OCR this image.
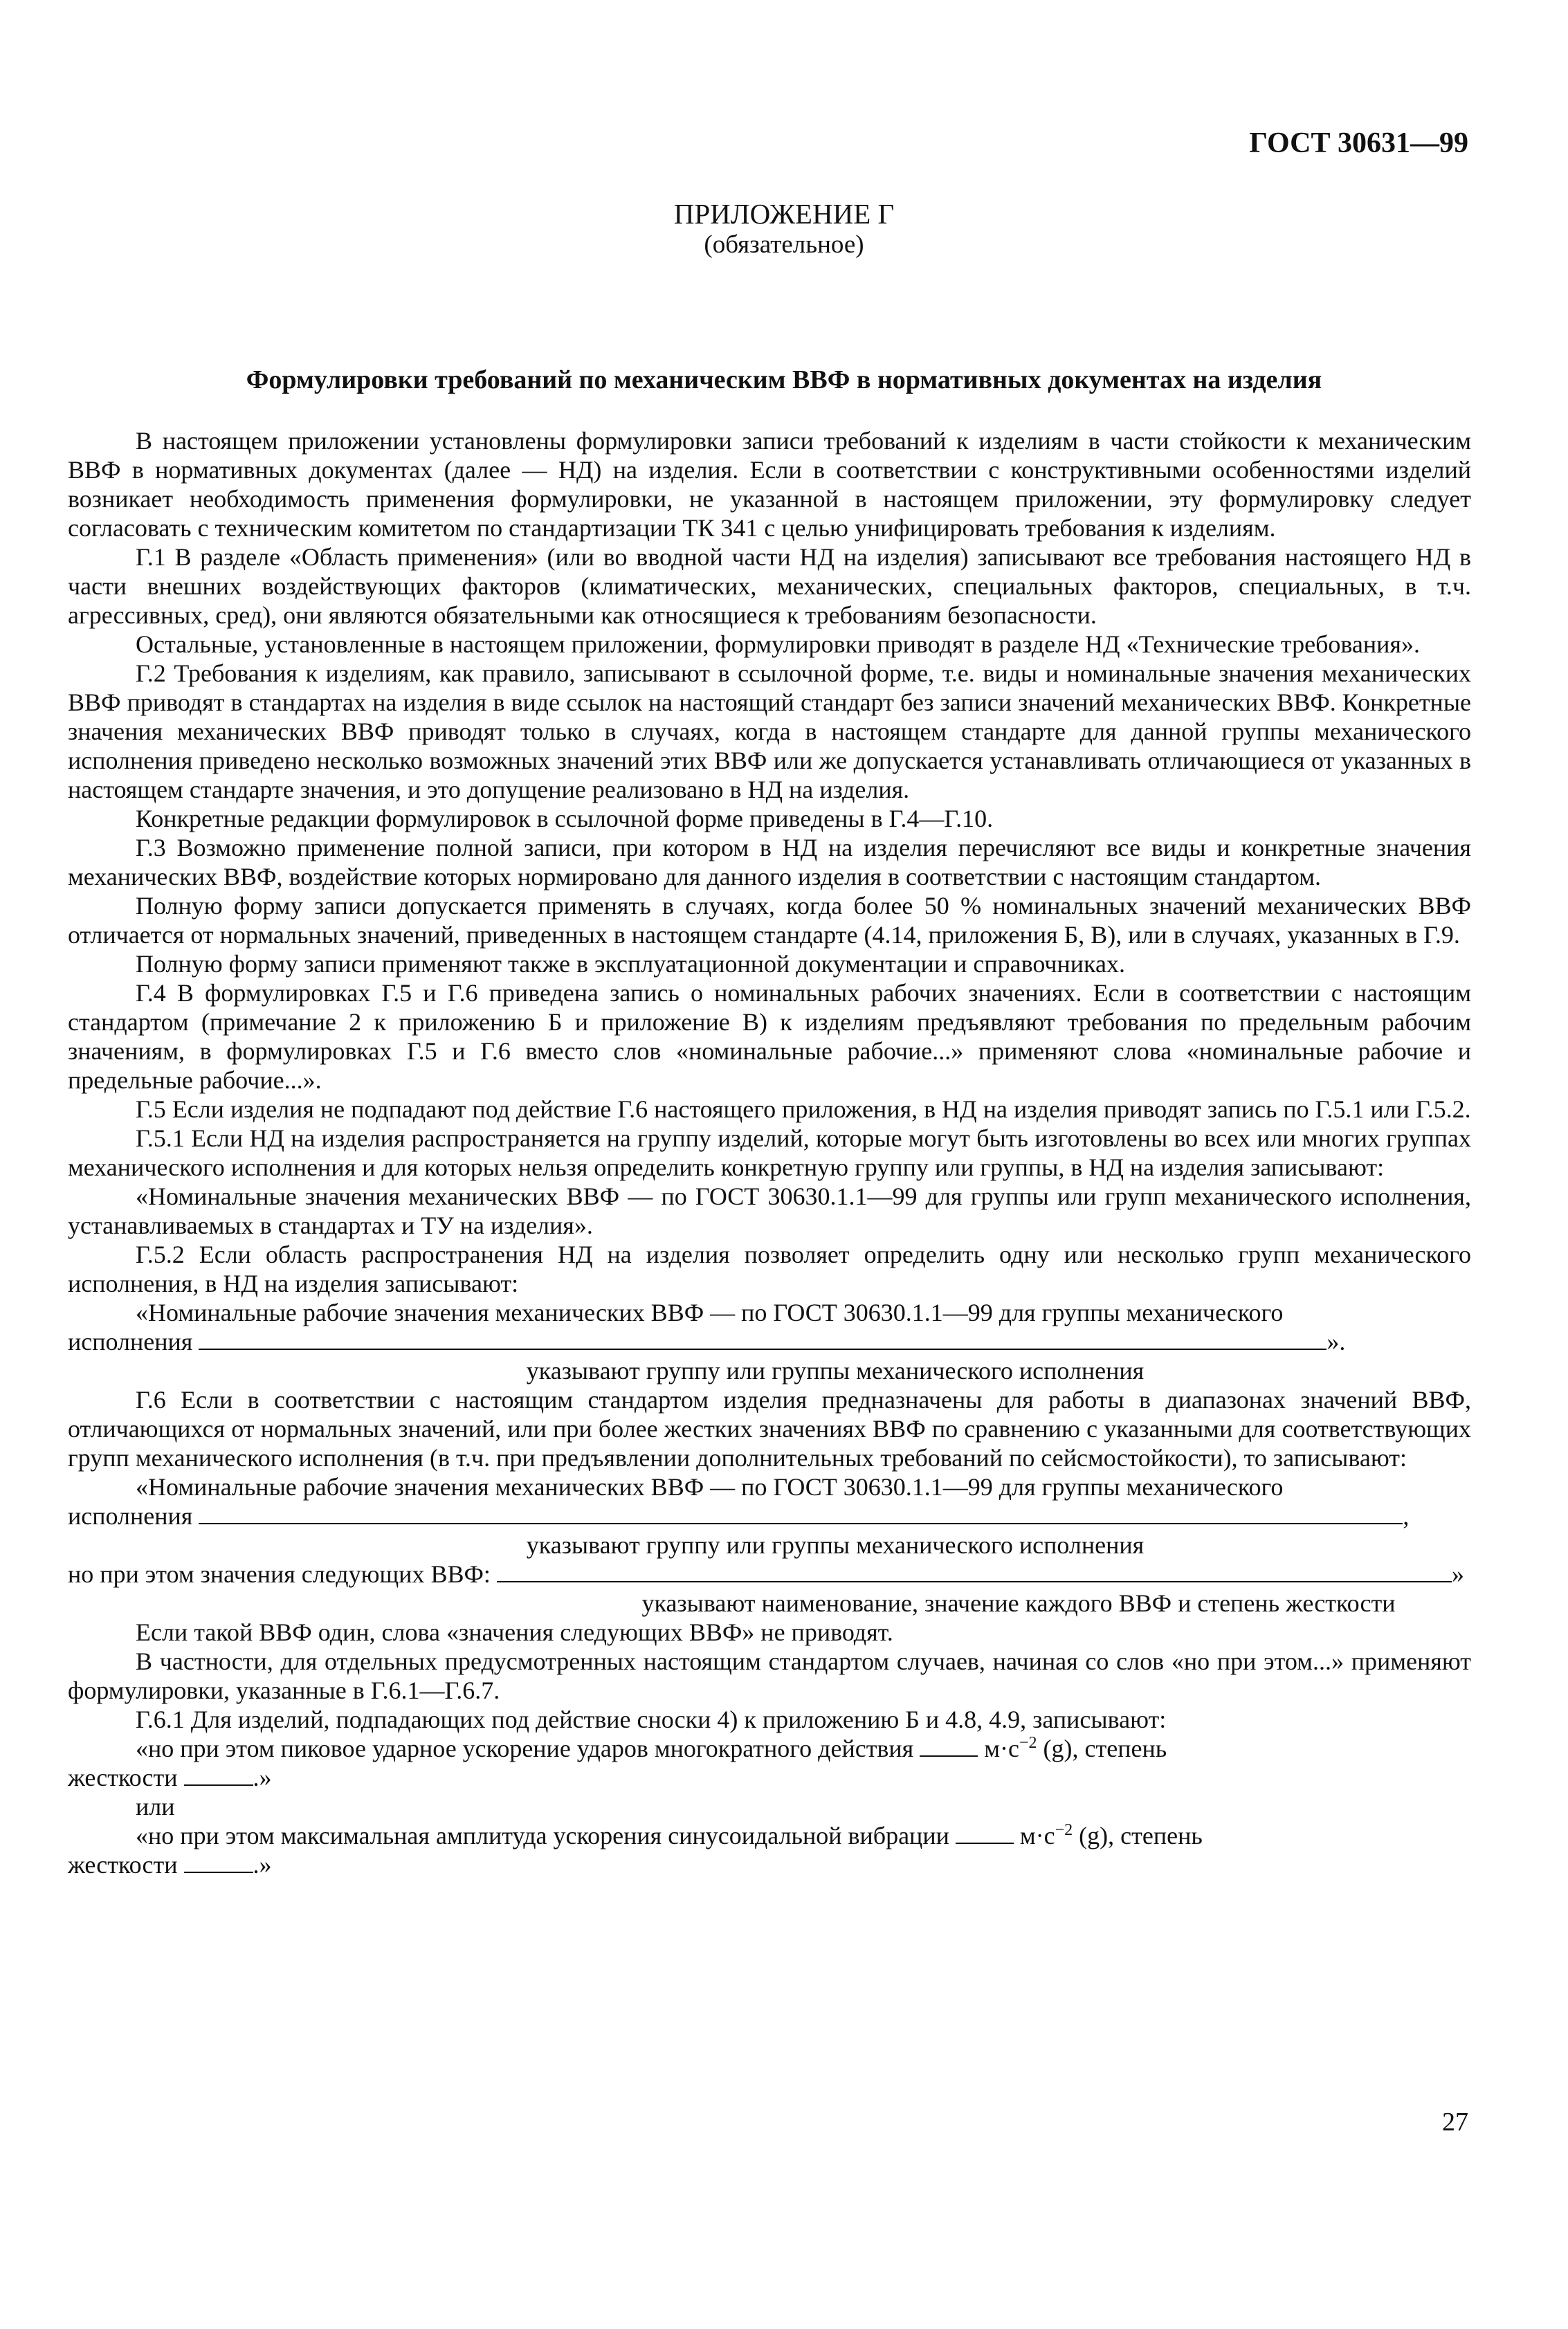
ГОСТ 30631—99
ПРИЛОЖЕНИЕ Г
(обязательное)
Формулировки требований по механическим ВВФ в нормативных документах на изделия

В настоящем приложении установлены формулировки записи требований к изделиям в части стойкости к механическим ВВФ в нормативных документах (далее — НД) на изделия. Если в соответствии с конструктивными особенностями изделий возникает необходимость применения формулировки, не указанной в настоящем приложении, эту формулировку следует согласовать с техническим комитетом по стандартизации ТК 341 с целью унифицировать требования к изделиям.

Г.1 В разделе «Область применения» (или во вводной части НД на изделия) записывают все требования настоящего НД в части внешних воздействующих факторов (климатических, механических, специальных факторов, специальных, в т.ч. агрессивных, сред), они являются обязательными как относящиеся к требованиям безопасности.

Остальные, установленные в настоящем приложении, формулировки приводят в разделе НД «Технические требования».

Г.2 Требования к изделиям, как правило, записывают в ссылочной форме, т.е. виды и номинальные значения механических ВВФ приводят в стандартах на изделия в виде ссылок на настоящий стандарт без записи значений механических ВВФ. Конкретные значения механических ВВФ приводят только в случаях, когда в настоящем стандарте для данной группы механического исполнения приведено несколько возможных значений этих ВВФ или же допускается устанавливать отличающиеся от указанных в настоящем стандарте значения, и это допущение реализовано в НД на изделия.

Конкретные редакции формулировок в ссылочной форме приведены в Г.4—Г.10.

Г.3 Возможно применение полной записи, при котором в НД на изделия перечисляют все виды и конкретные значения механических ВВФ, воздействие которых нормировано для данного изделия в соответствии с настоящим стандартом.

Полную форму записи допускается применять в случаях, когда более 50 % номинальных значений механических ВВФ отличается от нормальных значений, приведенных в настоящем стандарте (4.14, приложения Б, В), или в случаях, указанных в Г.9.

Полную форму записи применяют также в эксплуатационной документации и справочниках.

Г.4 В формулировках Г.5 и Г.6 приведена запись о номинальных рабочих значениях. Если в соответствии с настоящим стандартом (примечание 2 к приложению Б и приложение В) к изделиям предъявляют требования по предельным рабочим значениям, в формулировках Г.5 и Г.6 вместо слов «номинальные рабочие...» применяют слова «номинальные рабочие и предельные рабочие...».

Г.5 Если изделия не подпадают под действие Г.6 настоящего приложения, в НД на изделия приводят запись по Г.5.1 или Г.5.2.

Г.5.1 Если НД на изделия распространяется на группу изделий, которые могут быть изготовлены во всех или многих группах механического исполнения и для которых нельзя определить конкретную группу или группы, в НД на изделия записывают:

«Номинальные значения механических ВВФ — по ГОСТ 30630.1.1—99 для группы или групп механического исполнения, устанавливаемых в стандартах и ТУ на изделия».

Г.5.2 Если область распространения НД на изделия позволяет определить одну или несколько групп механического исполнения, в НД на изделия записывают:

«Номинальные рабочие значения механических ВВФ — по ГОСТ 30630.1.1—99 для группы механического
исполнения	».
указывают группу или группы механического исполнения

Г.6 Если в соответствии с настоящим стандартом изделия предназначены для работы в диапазонах значений ВВФ, отличающихся от нормальных значений, или при более жестких значениях ВВФ по сравнению с указанными для соответствующих групп механического исполнения (в т.ч. при предъявлении дополнительных требований по сейсмостойкости), то записывают:

«Номинальные рабочие значения механических ВВФ — по ГОСТ 30630.1.1—99 для группы механического
исполнения	,
указывают группу или группы механического исполнения
но при этом значения следующих ВВФ:	»
указывают наименование, значение каждого ВВФ и степень жесткости

Если такой ВВФ один, слова «значения следующих ВВФ» не приводят.

В частности, для отдельных предусмотренных настоящим стандартом случаев, начиная со слов «но при этом...» применяют формулировки, указанные в Г.6.1—Г.6.7.

Г.6.1 Для изделий, подпадающих под действие сноски 4) к приложению Б и 4.8, 4.9, записывают:

«но при этом пиковое ударное ускорение ударов многократного действия	$м\cdot с^{-2}$ (g), степень
жесткости	.»
или
«но при этом максимальная амплитуда ускорения синусоидальной вибрации	$м\cdot с^{-2}$ (g), степень
жесткости	.»
27
